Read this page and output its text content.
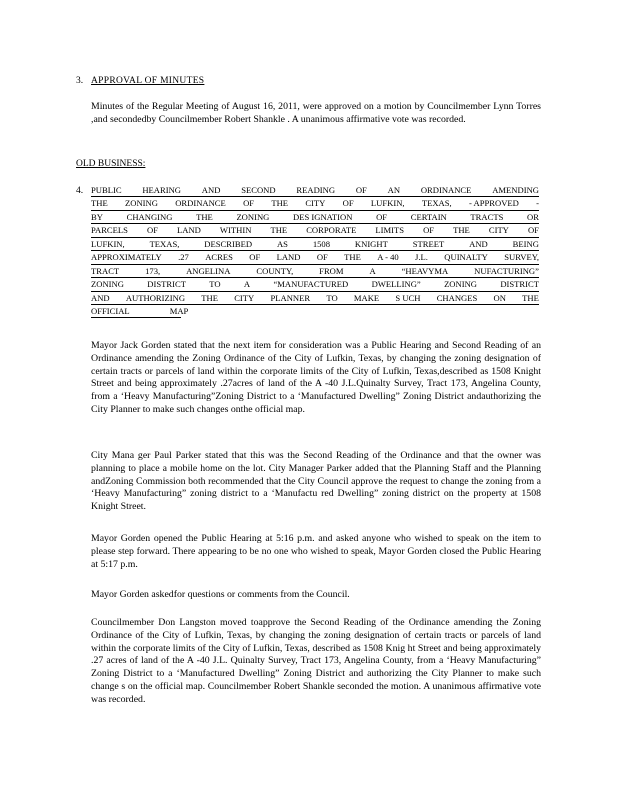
3. APPROVAL OF MINUTES

Minutes of the Regular Meeting of August 16, 2011, were approved on a motion by Councilmember Lynn Torres ,and secondedby Councilmember Robert Shankle . A unanimous affirmative vote was recorded.

OLD BUSINESS:
4. PUBLIC HEARING AND SECOND READING OF AN ORDINANCE AMENDING
THE ZONING ORDINANCE OF THE CITY OF LUFKIN, TEXAS, - APPROVED -
BY	CHANGING	THE	ZONING	DES IGNATION	OF	CERTAIN	TRACTS	OR
PARCELS OF LAND WITHIN THE CORPORATE LIMITS OF THE CITY OF
LUFKIN,	TEXAS,	DESCRIBED	AS	1508	KNIGHT	STREET	AND	BEING
APPROXIMATELY .27 ACRES OF LAND OF THE A - 40 J.L. QUINALTY SURVEY,
TRACT	173,	ANGELINA	COUNTY,	FROM	A	“HEAVYMA	NUFACTURING”
ZONING	DISTRICT	TO	A	“MANUFACTURED	DWELLING”	ZONING	DISTRICT
AND AUTHORIZING THE CITY PLANNER TO MAKE S UCH CHANGES ON THE
OFFICIAL	MAP

Mayor Jack Gorden stated that the next item for consideration was a Public Hearing and Second Reading of an Ordinance amending the Zoning Ordinance of the City of Lufkin, Texas, by changing the zoning designation of certain tracts or parcels of land within the corporate limits of the City of Lufkin, Texas,described as 1508 Knight Street and being approximately .27acres of land of the A -40 J.L.Quinalty Survey, Tract 173, Angelina County, from a ‘Heavy Manufacturing”Zoning District to a ‘Manufactured Dwelling” Zoning District andauthorizing the City Planner to make such changes onthe official map.

City Mana ger Paul Parker stated that this was the Second Reading of the Ordinance and that the owner was planning to place a mobile home on the lot. City Manager Parker added that the Planning Staff and the Planning andZoning Commission both recommended that the City Council approve the request to change the zoning from a ‘Heavy Manufacturing” zoning district to a ‘Manufactu red Dwelling” zoning district on the property at 1508 Knight Street.

Mayor Gorden opened the Public Hearing at 5:16 p.m. and asked anyone who wished to speak on the item to please step forward. There appearing to be no one who wished to speak, Mayor Gorden closed the Public Hearing at 5:17 p.m.

Mayor Gorden askedfor questions or comments from the Council.

Councilmember Don Langston moved toapprove the Second Reading of the Ordinance amending the Zoning Ordinance of the City of Lufkin, Texas, by changing the zoning designation of certain tracts or parcels of land within the corporate limits of the City of Lufkin, Texas, described as 1508 Knig ht Street and being approximately .27 acres of land of the A -40 J.L. Quinalty Survey, Tract 173, Angelina County, from a ‘Heavy Manufacturing” Zoning District to a ‘Manufactured Dwelling” Zoning District and authorizing the City Planner to make such change s on the official map. Councilmember Robert Shankle seconded the motion. A unanimous affirmative vote was recorded.
